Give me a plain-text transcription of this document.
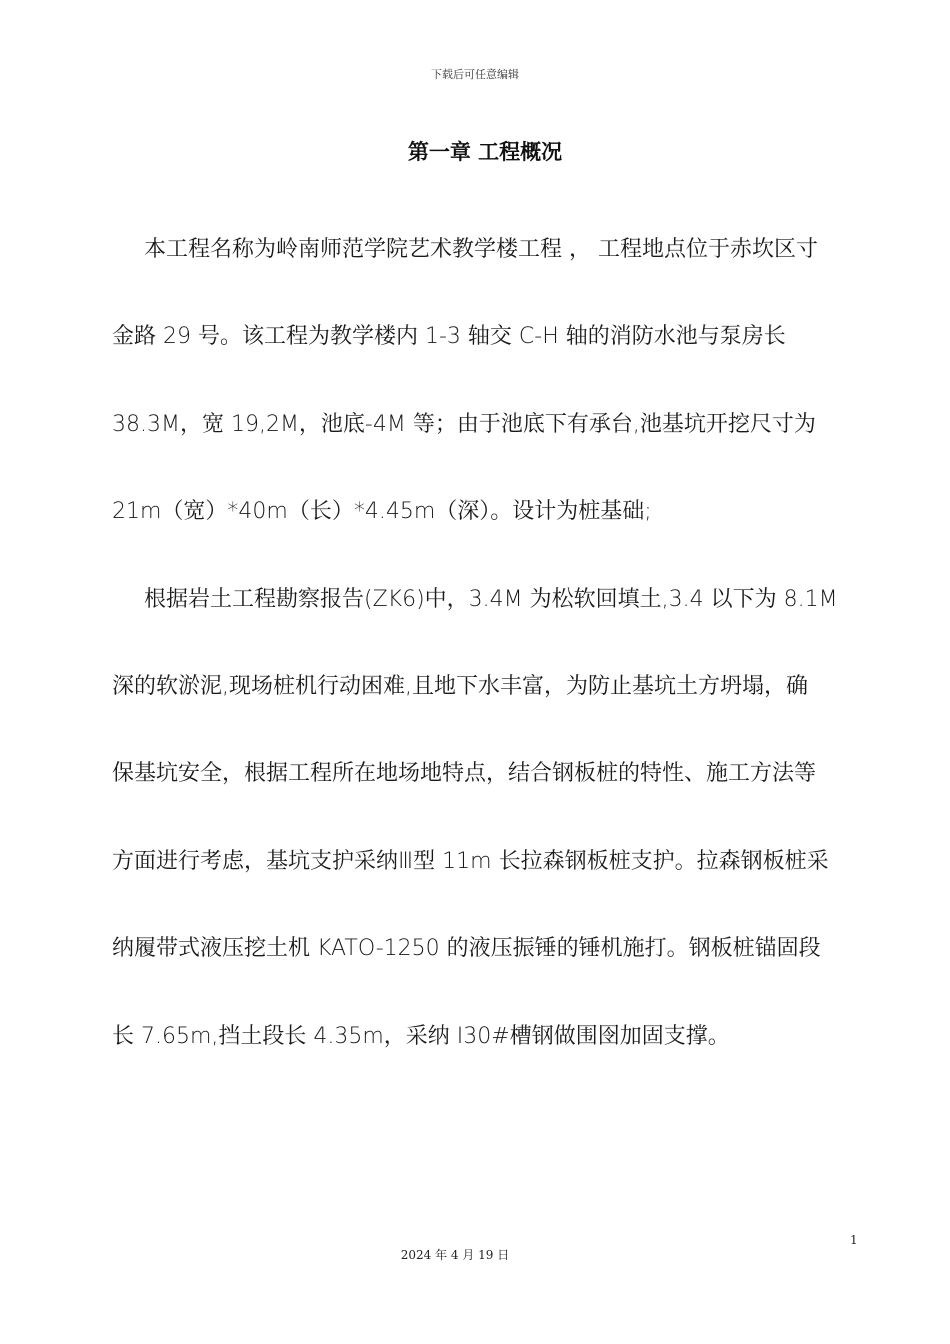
下载后可任意编辑
第一章 工程概况
本工程名称为岭南师范学院艺术教学楼工程 ， 工程地点位于赤坎区寸
金路 29 号。该工程为教学楼内 1-3 轴交 C-H 轴的消防水池与泵房长
38.3M，宽 19,2M，池底-4M 等；由于池底下有承台,池基坑开挖尺寸为
21m（宽）*40m（长）*4.45m（深）。设计为桩基础;
根据岩土工程勘察报告(ZK6)中，3.4M 为松软回填土,3.4 以下为 8.1M
深的软淤泥,现场桩机行动困难,且地下水丰富，为防止基坑土方坍塌，确
保基坑安全，根据工程所在地场地特点，结合钢板桩的特性、施工方法等
方面进行考虑，基坑支护采纳Ⅲ型 11m 长拉森钢板桩支护。拉森钢板桩采
纳履带式液压挖土机 KATO-1250 的液压振锤的锤机施打。钢板桩锚固段
长 7.65m,挡土段长 4.35m，采纳 I30#槽钢做围囹加固支撑。
1
2024 年 4 月 19 日
